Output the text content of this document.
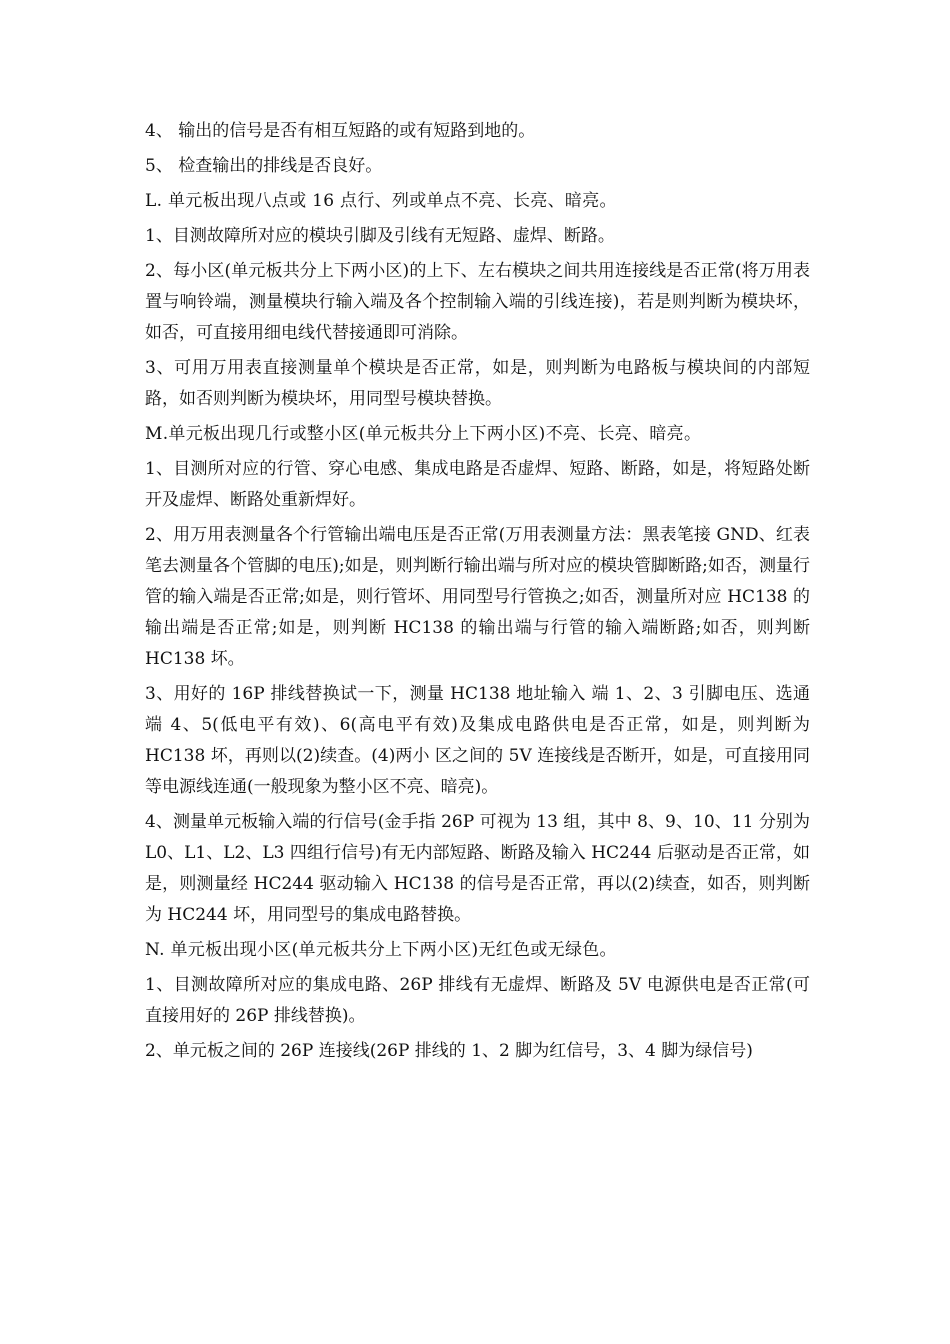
4、 输出的信号是否有相互短路的或有短路到地的。

5、 检查输出的排线是否良好。

L. 单元板出现八点或 16 点行、列或单点不亮、长亮、暗亮。

1、目测故障所对应的模块引脚及引线有无短路、虚焊、断路。

2、每小区(单元板共分上下两小区)的上下、左右模块之间共用连接线是否正常(将万用表置与响铃端，测量模块行输入端及各个控制输入端的引线连接)，若是则判断为模块坏，如否，可直接用细电线代替接通即可消除。

3、可用万用表直接测量单个模块是否正常，如是，则判断为电路板与模块间的内部短路，如否则判断为模块坏，用同型号模块替换。

M.单元板出现几行或整小区(单元板共分上下两小区)不亮、长亮、暗亮。

1、目测所对应的行管、穿心电感、集成电路是否虚焊、短路、断路，如是，将短路处断开及虚焊、断路处重新焊好。

2、用万用表测量各个行管输出端电压是否正常(万用表测量方法：黑表笔接 GND、红表笔去测量各个管脚的电压);如是，则判断行输出端与所对应的模块管脚断路;如否，测量行管的输入端是否正常;如是，则行管坏、用同型号行管换之;如否，测量所对应 HC138 的输出端是否正常;如是，则判断 HC138 的输出端与行管的输入端断路;如否，则判断 HC138 坏。

3、用好的 16P 排线替换试一下，测量 HC138 地址输入 端 1、2、3 引脚电压、选通端 4、5(低电平有效)、6(高电平有效)及集成电路供电是否正常，如是，则判断为 HC138 坏，再则以(2)续查。(4)两小 区之间的 5V 连接线是否断开，如是，可直接用同等电源线连通(一般现象为整小区不亮、暗亮)。

4、测量单元板输入端的行信号(金手指 26P 可视为 13 组，其中 8、9、10、11 分别为 L0、L1、L2、L3 四组行信号)有无内部短路、断路及输入 HC244 后驱动是否正常，如是，则测量经 HC244 驱动输入 HC138 的信号是否正常，再以(2)续查，如否，则判断为 HC244 坏，用同型号的集成电路替换。

N. 单元板出现小区(单元板共分上下两小区)无红色或无绿色。

1、目测故障所对应的集成电路、26P 排线有无虚焊、断路及 5V 电源供电是否正常(可直接用好的 26P 排线替换)。

2、单元板之间的 26P 连接线(26P 排线的 1、2 脚为红信号，3、4 脚为绿信号)
